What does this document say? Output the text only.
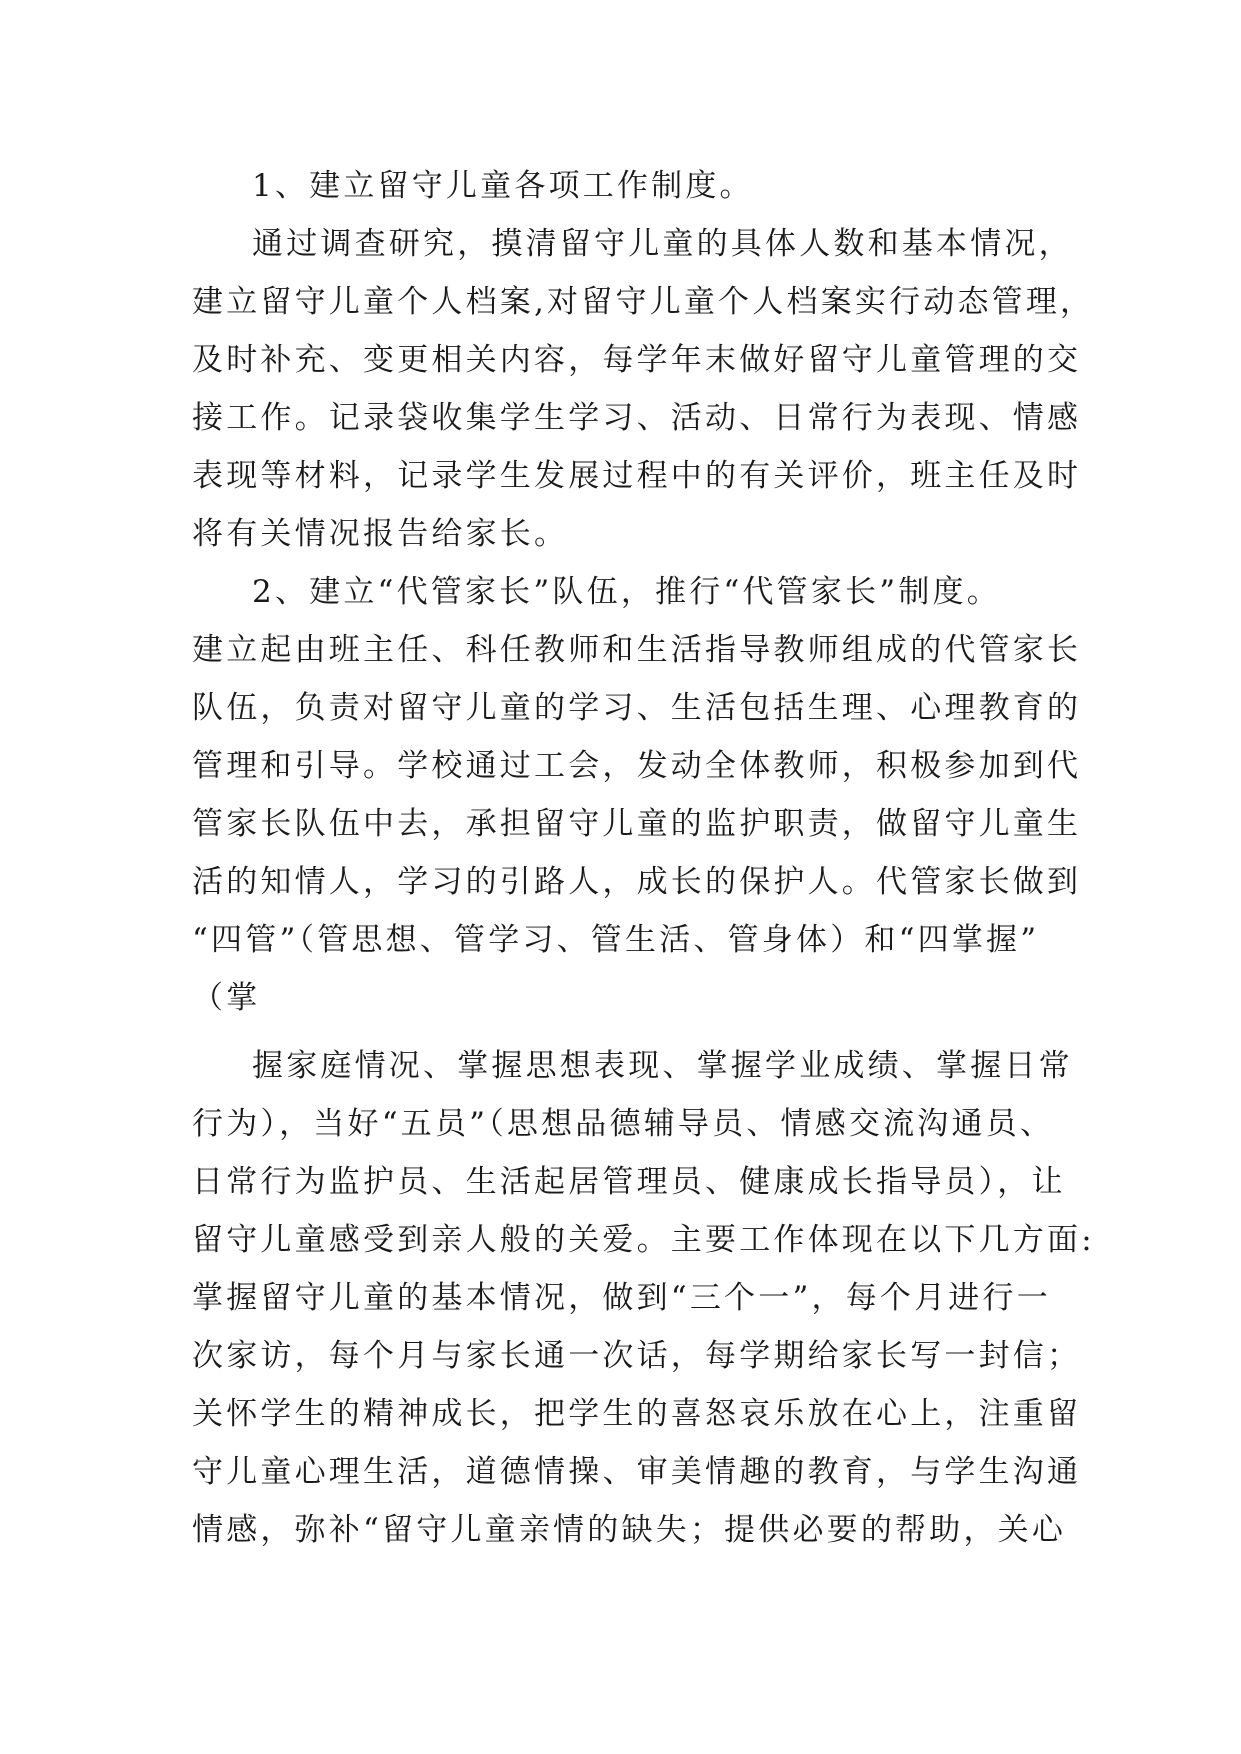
1、建立留守儿童各项工作制度。
通过调查研究，摸清留守儿童的具体人数和基本情况，
建立留守儿童个人档案,对留守儿童个人档案实行动态管理，
及时补充、变更相关内容，每学年末做好留守儿童管理的交
接工作。记录袋收集学生学习、活动、日常行为表现、情感
表现等材料，记录学生发展过程中的有关评价，班主任及时
将有关情况报告给家长。
2、建立“代管家长”队伍，推行“代管家长”制度。
建立起由班主任、科任教师和生活指导教师组成的代管家长
队伍，负责对留守儿童的学习、生活包括生理、心理教育的
管理和引导。学校通过工会，发动全体教师，积极参加到代
管家长队伍中去，承担留守儿童的监护职责，做留守儿童生
活的知情人，学习的引路人，成长的保护人。代管家长做到
“四管”（管思想、管学习、管生活、管身体）和“四掌握”
（掌
握家庭情况、掌握思想表现、掌握学业成绩、掌握日常
行为），当好“五员”（思想品德辅导员、情感交流沟通员、
日常行为监护员、生活起居管理员、健康成长指导员），让
留守儿童感受到亲人般的关爱。主要工作体现在以下几方面:
掌握留守儿童的基本情况，做到“三个一”，每个月进行一
次家访，每个月与家长通一次话，每学期给家长写一封信；
关怀学生的精神成长，把学生的喜怒哀乐放在心上，注重留
守儿童心理生活，道德情操、审美情趣的教育，与学生沟通
情感，弥补“留守儿童亲情的缺失；提供必要的帮助，关心
